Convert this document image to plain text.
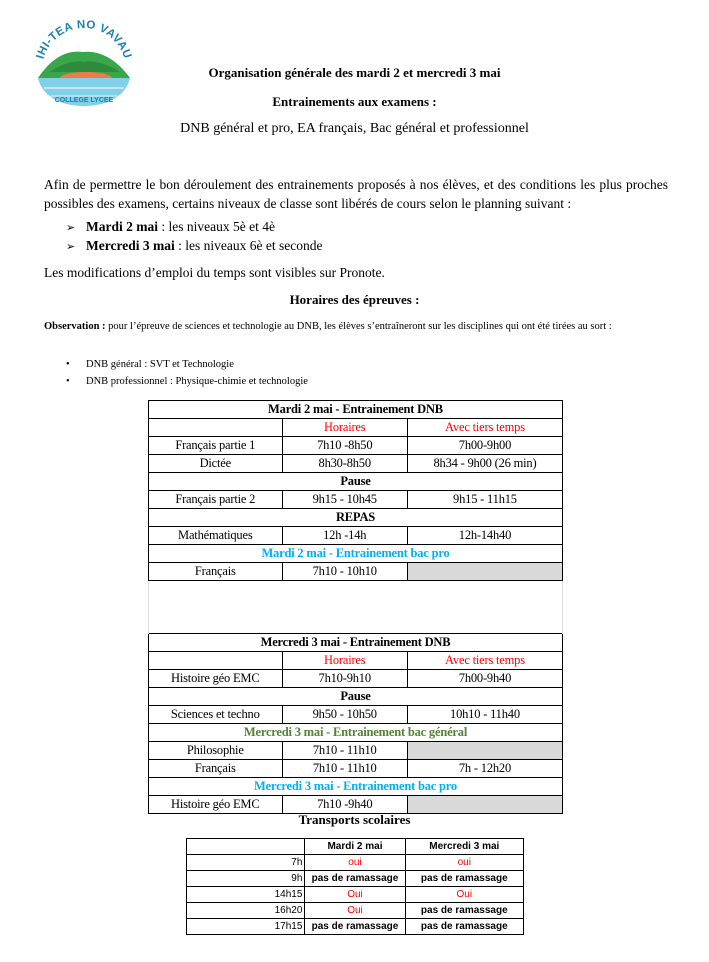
IHI-TEA NO VAVAU
COLLEGE LYCEE
Organisation générale des mardi 2 et mercredi 3 mai
Entrainements aux examens :
DNB général et pro, EA français, Bac général et professionnel
Afin de permettre le bon déroulement des entrainements proposés à nos élèves, et des conditions les plus proches possibles des examens, certains niveaux de classe sont libérés de cours selon le planning suivant :
➢ Mardi 2 mai : les niveaux 5è et 4è
➢ Mercredi 3 mai : les niveaux 6è et seconde
Les modifications d’emploi du temps sont visibles sur Pronote.
Horaires des épreuves :
Observation : pour l’épreuve de sciences et technologie au DNB, les élèves s’entraîneront sur les disciplines qui ont été tirées au sort :
• DNB général : SVT et Technologie
• DNB professionnel : Physique-chimie et technologie
Mardi 2 mai - Entrainement DNB		
	Horaires	Avec tiers temps
Français partie 1	7h10 -8h50	7h00-9h00
Dictée	8h30-8h50	8h34 - 9h00 (26 min)
Pause		
Français partie 2	9h15 - 10h45	9h15 - 11h15
REPAS		
Mathématiques	12h -14h	12h-14h40
Mardi 2 mai - Entrainement bac pro		
Français	7h10 - 10h10	

Mercredi 3 mai - Entrainement DNB		
	Horaires	Avec tiers temps
Histoire géo EMC	7h10-9h10	7h00-9h40
Pause		
Sciences et techno	9h50 - 10h50	10h10 - 11h40
Mercredi 3 mai - Entrainement bac général		
Philosophie	7h10 - 11h10	
Français	7h10 - 11h10	7h - 12h20
Mercredi 3 mai - Entrainement bac pro		
Histoire géo EMC	7h10 -9h40	
Transports scolaires
	Mardi 2 mai	Mercredi 3 mai
7h	oui	oui
9h	pas de ramassage	pas de ramassage
14h15	Oui	Oui
16h20	Oui	pas de ramassage
17h15	pas de ramassage	pas de ramassage
